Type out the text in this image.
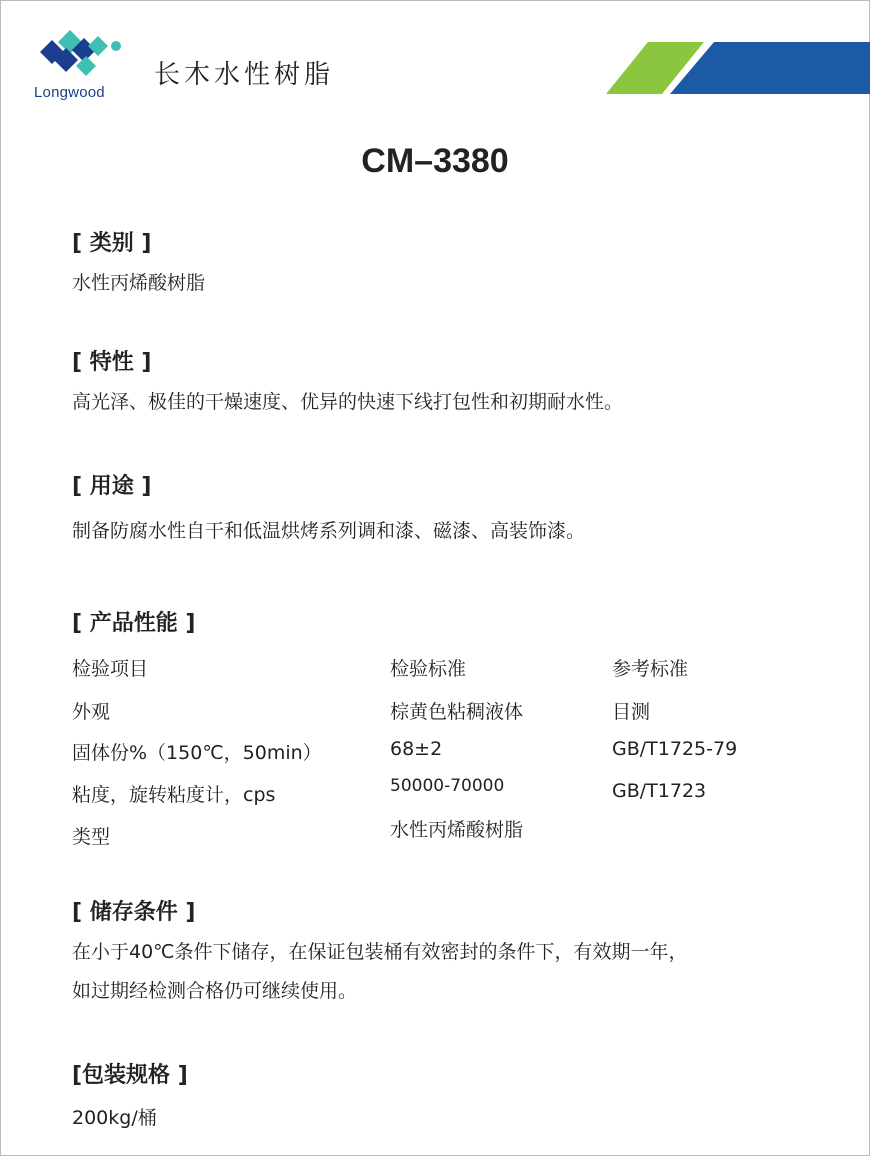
Longwood
长木水性树脂
CM–3380
[ 类别 ]
水性丙烯酸树脂
[ 特性 ]
高光泽、极佳的干燥速度、优异的快速下线打包性和初期耐水性。
[ 用途 ]
制备防腐水性自干和低温烘烤系列调和漆、磁漆、高装饰漆。
[ 产品性能 ]
检验项目	检验标准	参考标准
外观	棕黄色粘稠液体	目测
固体份%（150℃，50min）	68±2	GB/T1725-79
粘度，旋转粘度计，cps	50000-70000	GB/T1723
类型	水性丙烯酸树脂
[ 储存条件 ]
在小于40℃条件下储存，在保证包装桶有效密封的条件下，有效期一年，
如过期经检测合格仍可继续使用。
[包装规格 ]
200kg/桶
